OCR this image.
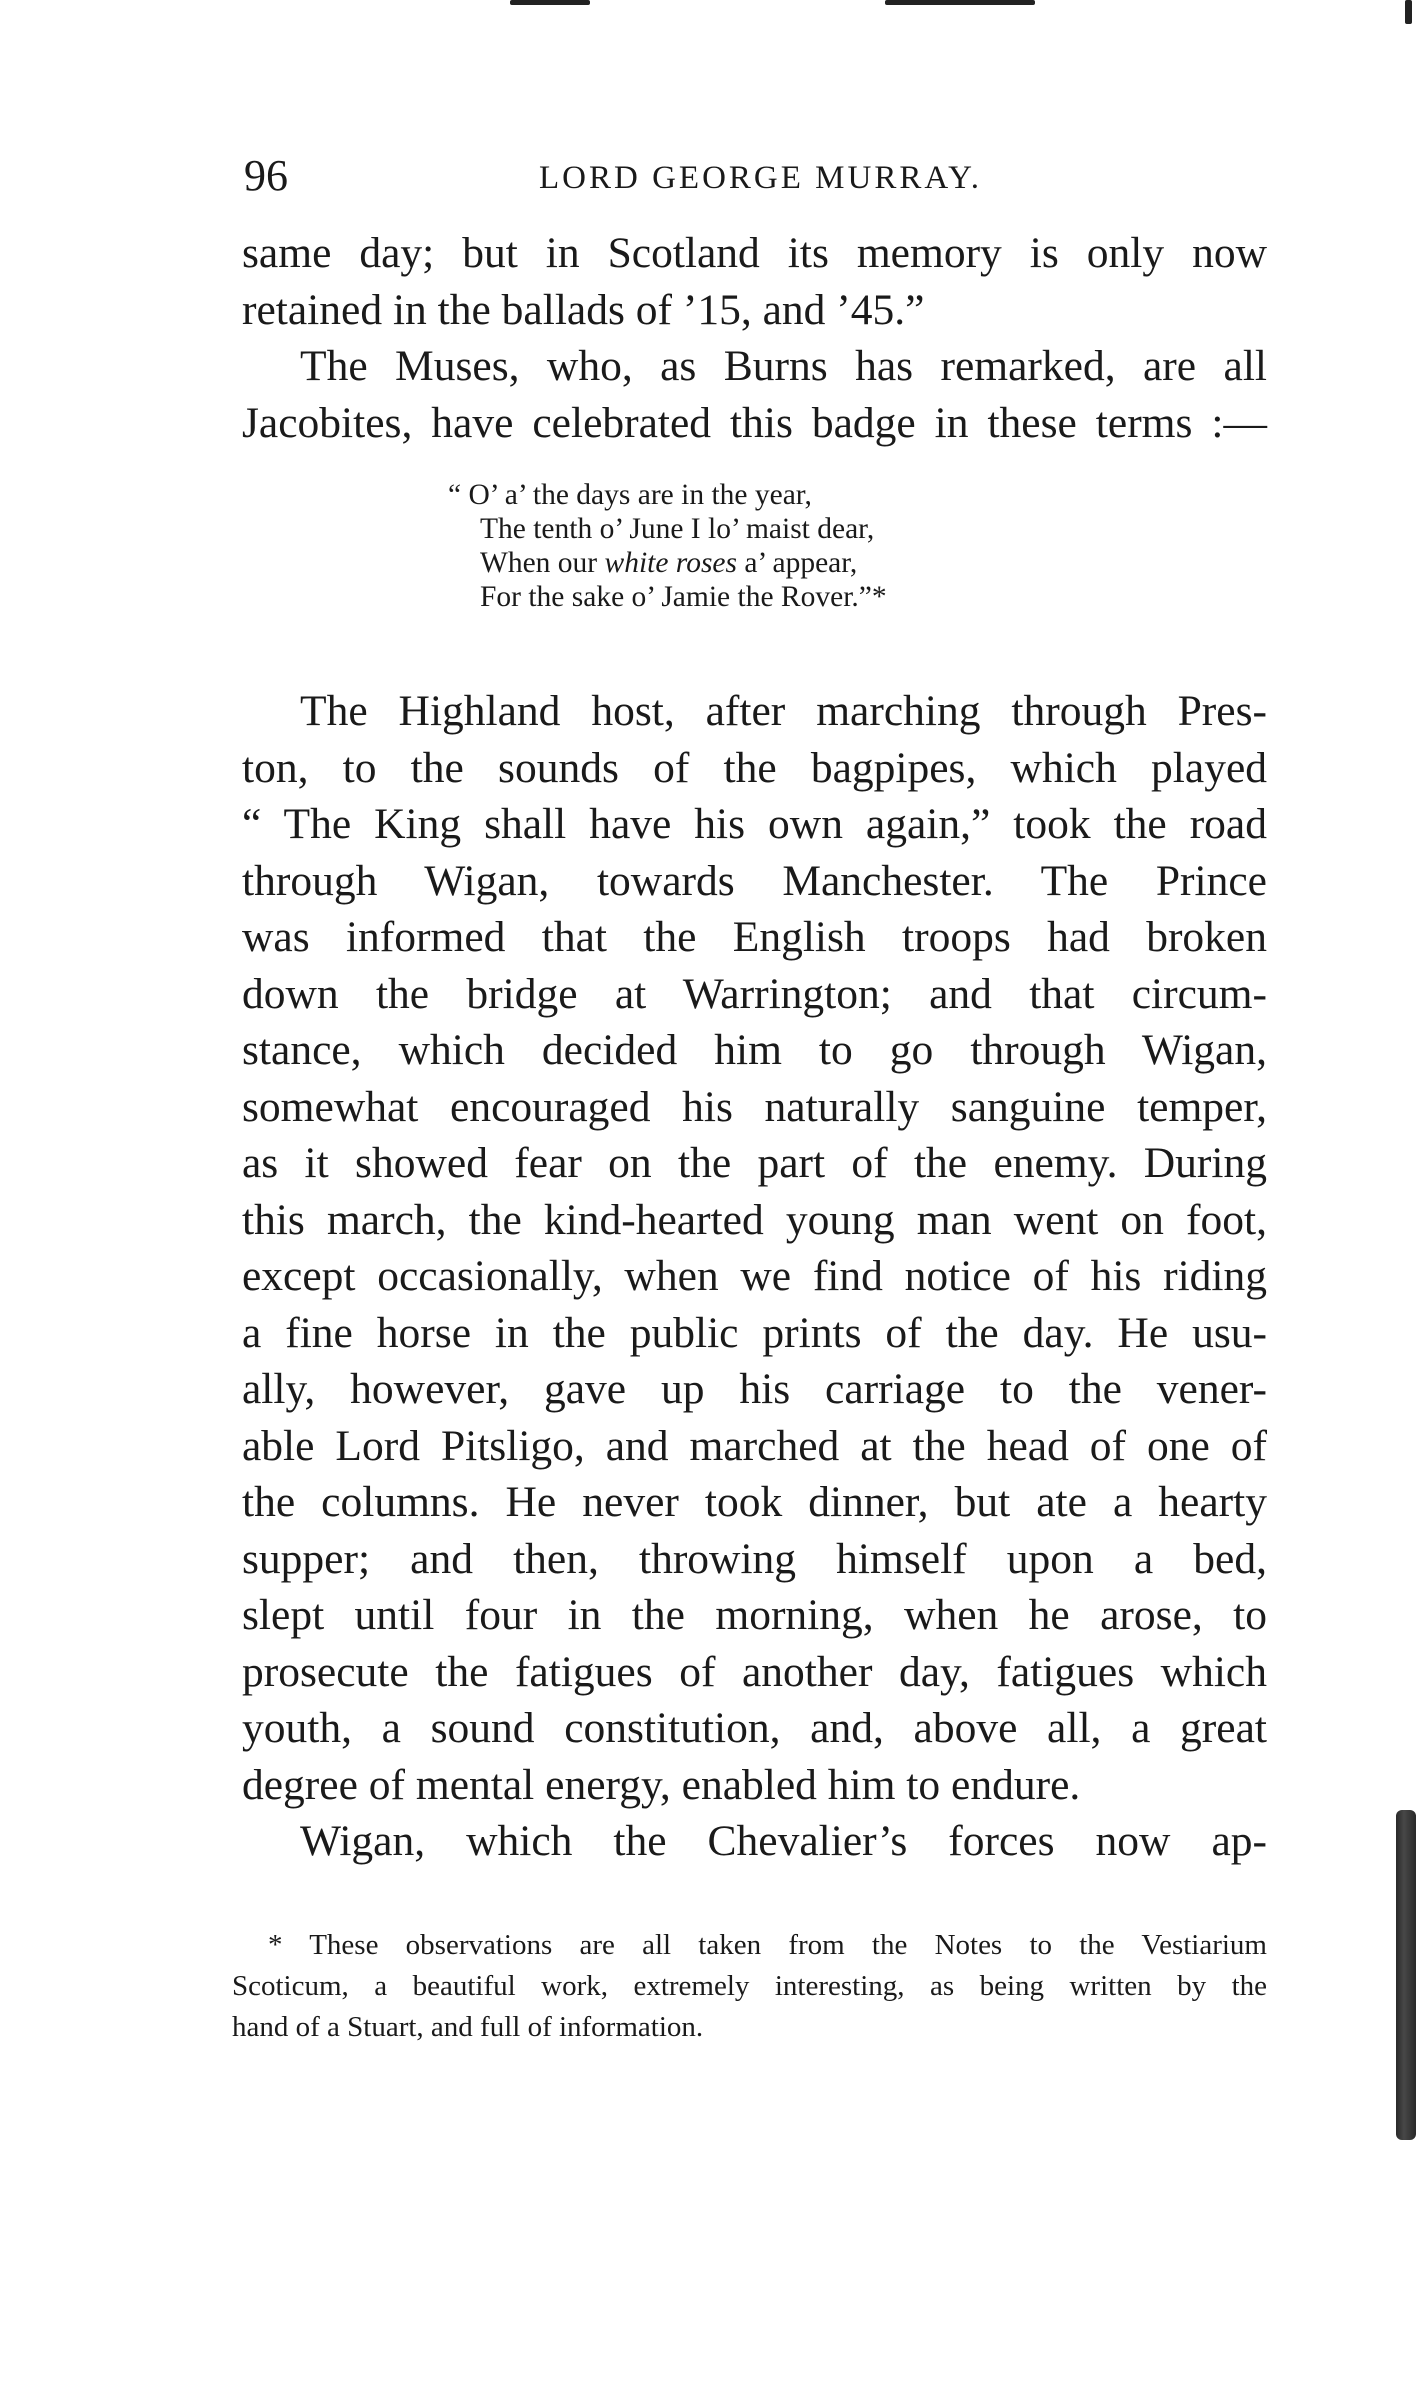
96	LORD GEORGE MURRAY.
same day; but in Scotland its memory is only now
retained in the ballads of ’15, and ’45.”
The Muses, who, as Burns has remarked, are all
Jacobites, have celebrated this badge in these terms :—
“ O’ a’ the days are in the year,
The tenth o’ June I lo’ maist dear,
When our white roses a’ appear,
For the sake o’ Jamie the Rover.”*
The Highland host, after marching through Pres-
ton, to the sounds of the bagpipes, which played
“ The King shall have his own again,” took the road
through Wigan, towards Manchester. The Prince
was informed that the English troops had broken
down the bridge at Warrington; and that circum-
stance, which decided him to go through Wigan,
somewhat encouraged his naturally sanguine temper,
as it showed fear on the part of the enemy. During
this march, the kind-hearted young man went on foot,
except occasionally, when we find notice of his riding
a fine horse in the public prints of the day. He usu-
ally, however, gave up his carriage to the vener-
able Lord Pitsligo, and marched at the head of one of
the columns. He never took dinner, but ate a hearty
supper; and then, throwing himself upon a bed,
slept until four in the morning, when he arose, to
prosecute the fatigues of another day, fatigues which
youth, a sound constitution, and, above all, a great
degree of mental energy, enabled him to endure.
Wigan, which the Chevalier’s forces now ap-
* These observations are all taken from the Notes to the Vestiarium
Scoticum, a beautiful work, extremely interesting, as being written by the
hand of a Stuart, and full of information.
